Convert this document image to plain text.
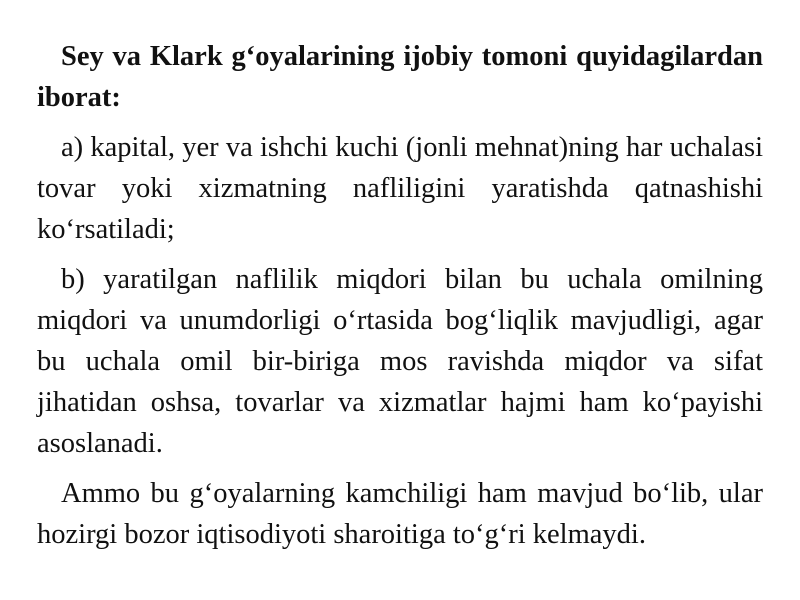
Sey va Klark g‘oyalarining ijobiy tomoni quyidagilardan iborat:

a) kapital, yer va ishchi kuchi (jonli mehnat)ning har uchalasi tovar yoki xizmatning nafliligini yaratishda qatnashishi ko‘rsatiladi;

b) yaratilgan naflilik miqdori bilan bu uchala omilning miqdori va unumdorligi o‘rtasida bog‘liqlik mavjudligi, agar bu uchala omil bir-biriga mos ravishda miqdor va sifat jihatidan oshsa, tovarlar va xizmatlar hajmi ham ko‘payishi asoslanadi.

Ammo bu g‘oyalarning kamchiligi ham mavjud bo‘lib, ular hozirgi bozor iqtisodiyoti sharoitiga to‘g‘ri kelmaydi.
